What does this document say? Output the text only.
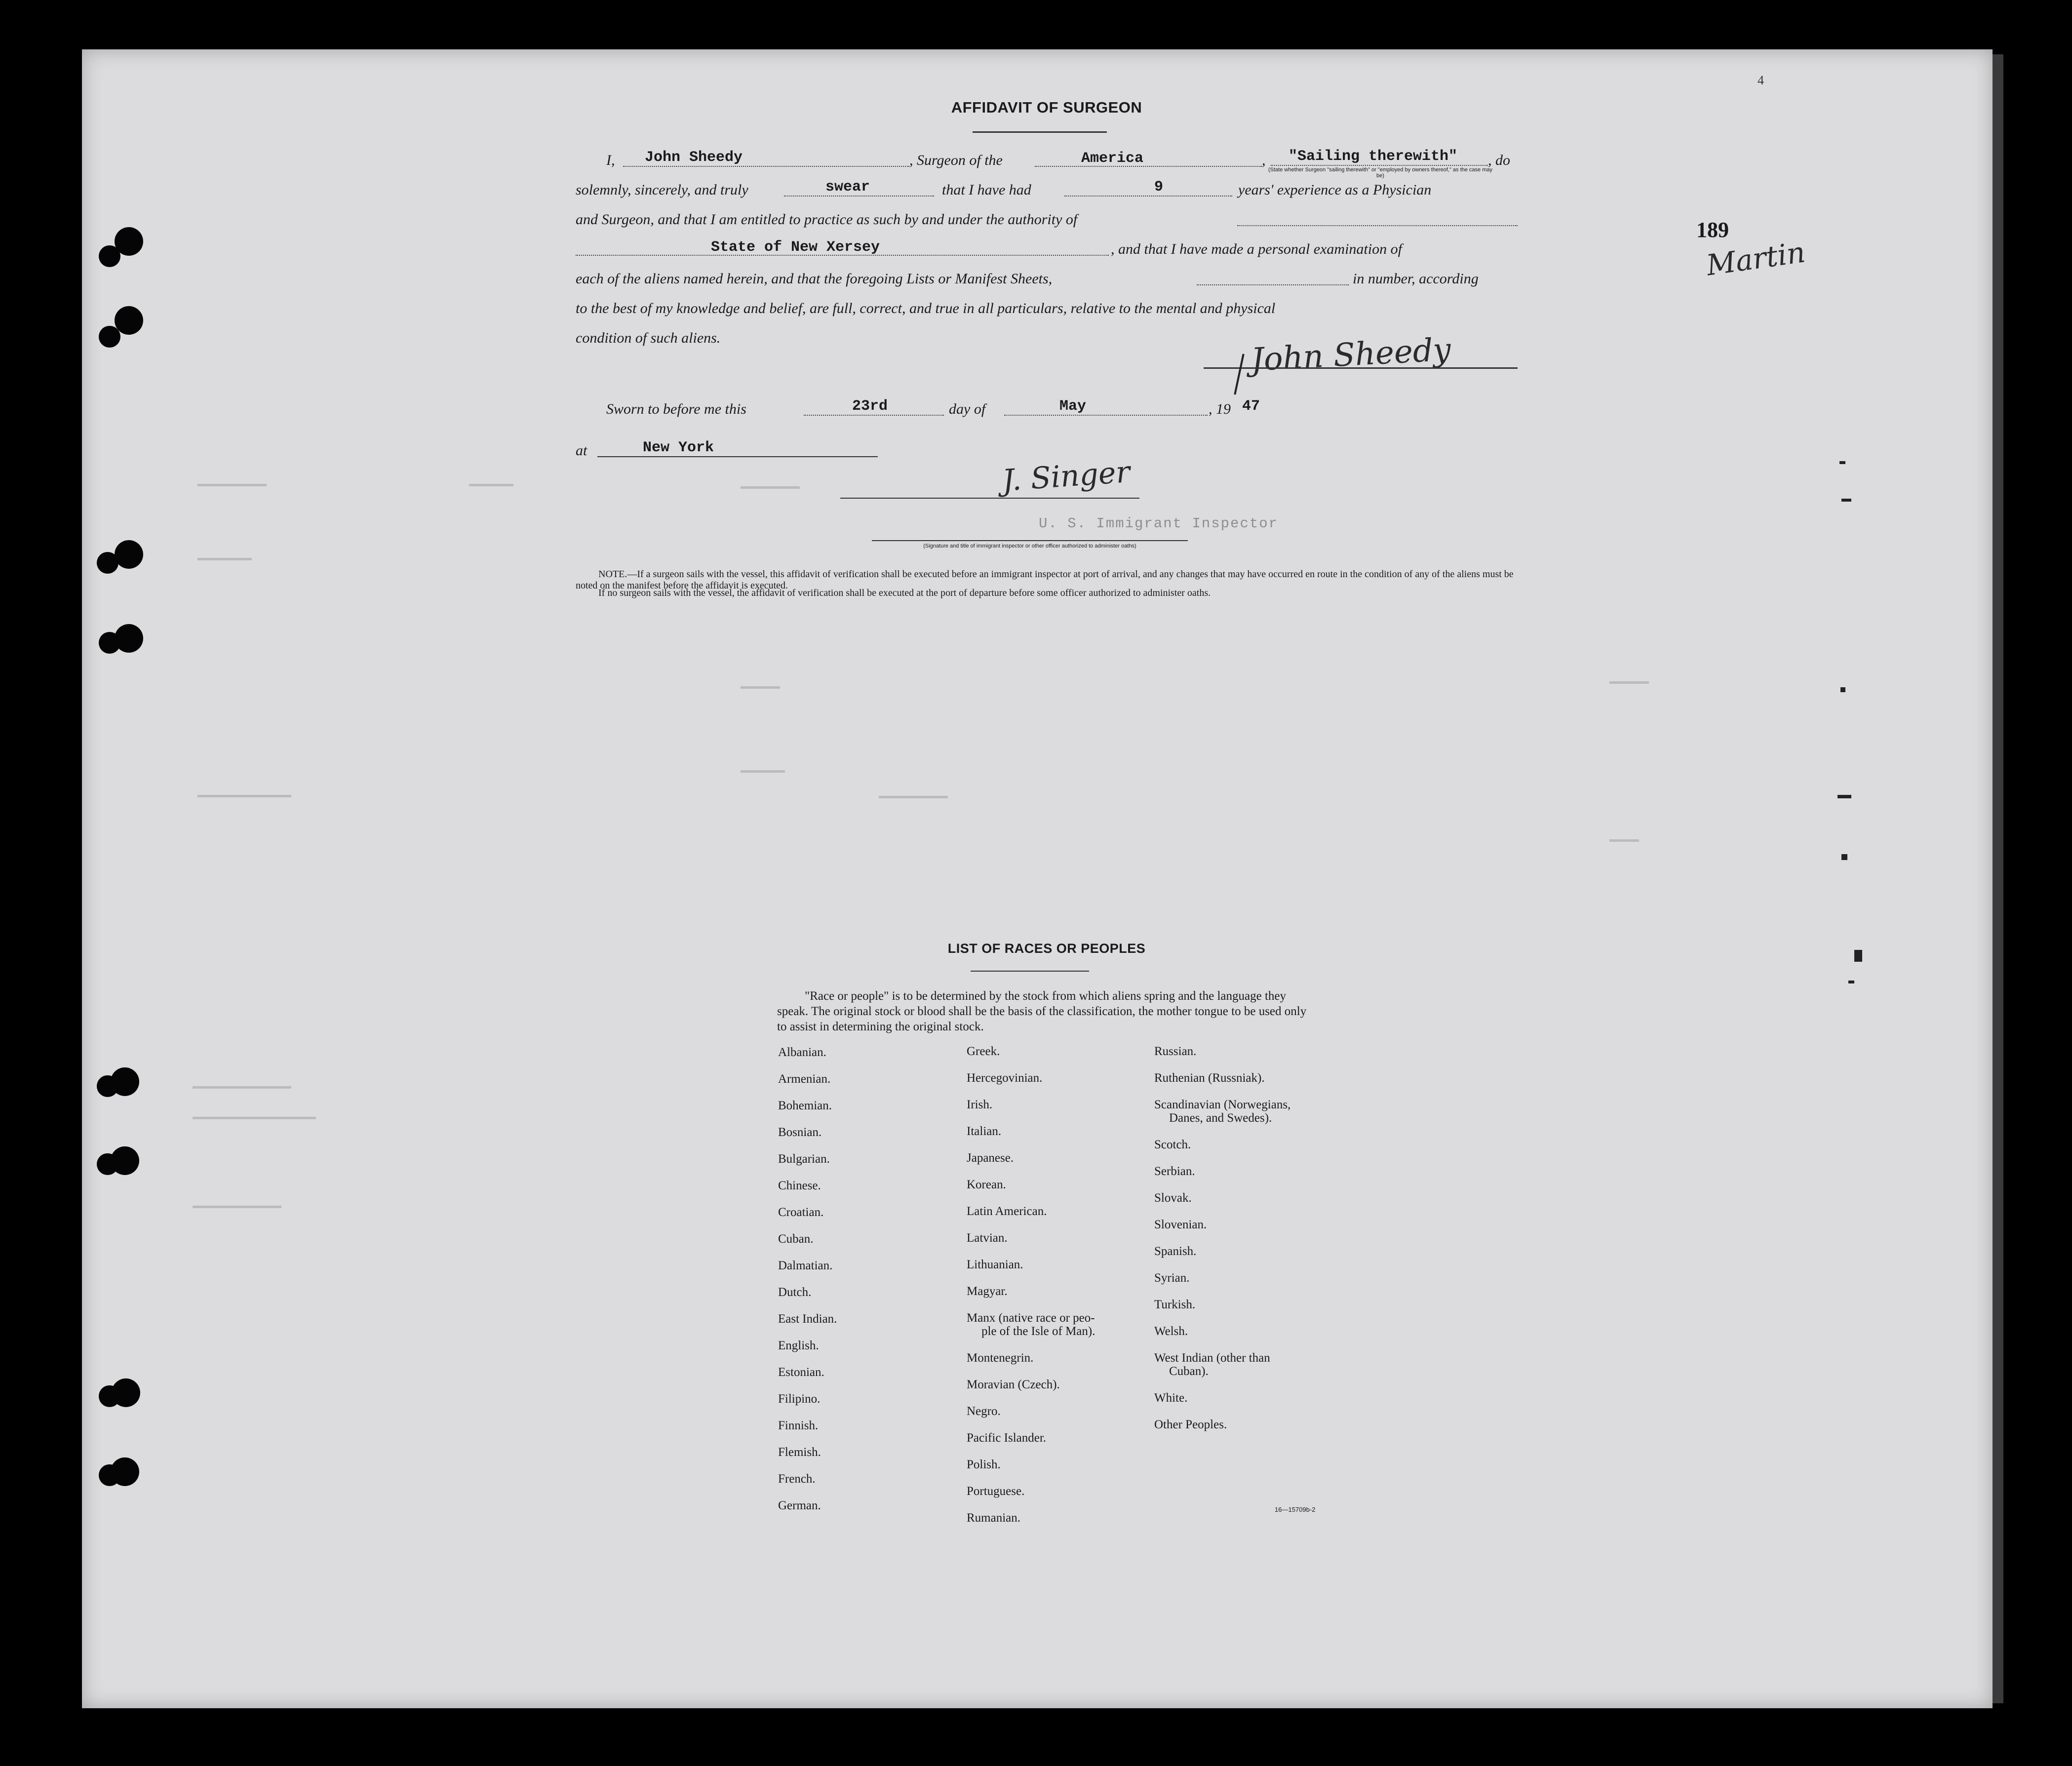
4
189
Martin
AFFIDAVIT OF SURGEON
I, John Sheedy	, Surgeon of the	America	, "Sailing therewith" , do
(State whether Surgeon "sailing therewith" or "employed by owners thereof," as the case may be)
solemnly, sincerely, and truly	swear	that I have had	9	years' experience as a Physician
and Surgeon, and that I am entitled to practice as such by and under the authority of
State of New Xersey	, and that I have made a personal examination of
each of the aliens named herein, and that the foregoing Lists or Manifest Sheets,	in number, according
to the best of my knowledge and belief, are full, correct, and true in all particulars, relative to the mental and physical
condition of such aliens.	John Sheedy
Sworn to before me this	23rd	day of	May	, 19 47
at	New York
J. Singer
U. S. Immigrant Inspector
(Signature and title of immigrant inspector or other officer authorized to administer oaths)
NOTE.—If a surgeon sails with the vessel, this affidavit of verification shall be executed before an immigrant inspector at port of arrival, and any changes that may have occurred en route in the condition of any of the aliens must be noted on the manifest before the affidavit is executed.
If no surgeon sails with the vessel, the affidavit of verification shall be executed at the port of departure before some officer authorized to administer oaths.
LIST OF RACES OR PEOPLES
"Race or people" is to be determined by the stock from which aliens spring and the language they speak. The original stock or blood shall be the basis of the classification, the mother tongue to be used only to assist in determining the original stock.
Albanian.
Armenian.
Bohemian.
Bosnian.
Bulgarian.
Chinese.
Croatian.
Cuban.
Dalmatian.
Dutch.
East Indian.
English.
Estonian.
Filipino.
Finnish.
Flemish.
French.
German.
Greek.
Hercegovinian.
Irish.
Italian.
Japanese.
Korean.
Latin American.
Latvian.
Lithuanian.
Magyar.
Manx (native race or peo-
ple of the Isle of Man).
Montenegrin.
Moravian (Czech).
Negro.
Pacific Islander.
Polish.
Portuguese.
Rumanian.
Russian.
Ruthenian (Russniak).
Scandinavian (Norwegians,
Danes, and Swedes).
Scotch.
Serbian.
Slovak.
Slovenian.
Spanish.
Syrian.
Turkish.
Welsh.
West Indian (other than
Cuban).
White.
Other Peoples.
16—15709b-2
